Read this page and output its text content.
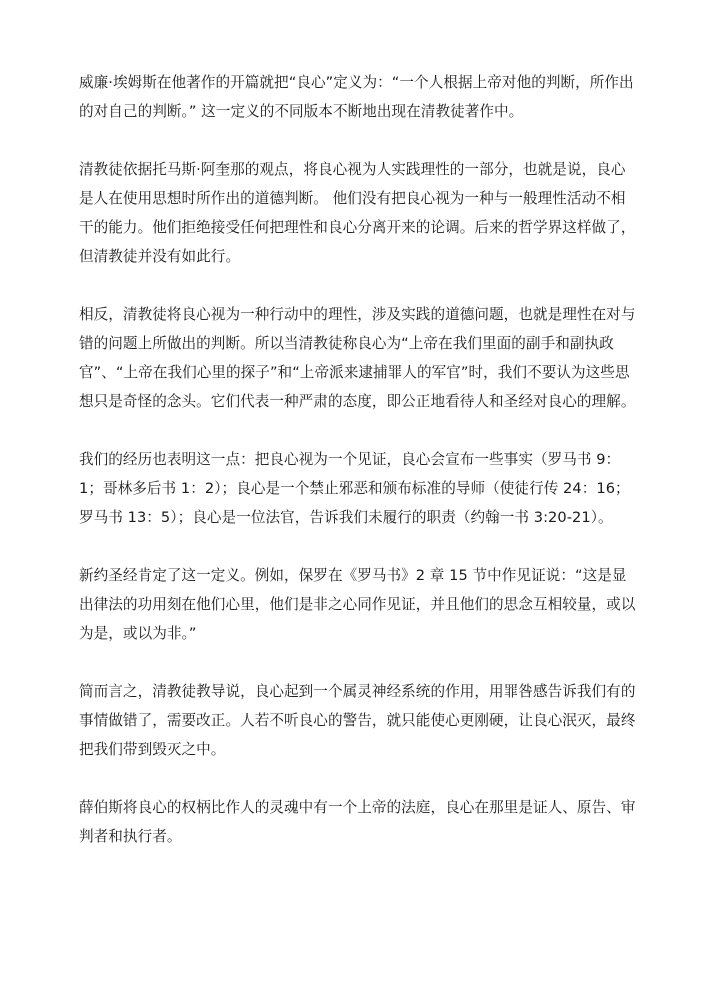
威廉·埃姆斯在他著作的开篇就把“良心”定义为：“一个人根据上帝对他的判断，所作出的对自己的判断。” 这一定义的不同版本不断地出现在清教徒著作中。

清教徒依据托马斯·阿奎那的观点，将良心视为人实践理性的一部分，也就是说，良心是人在使用思想时所作出的道德判断。 他们没有把良心视为一种与一般理性活动不相干的能力。他们拒绝接受任何把理性和良心分离开来的论调。后来的哲学界这样做了，但清教徒并没有如此行。

相反，清教徒将良心视为一种行动中的理性，涉及实践的道德问题，也就是理性在对与错的问题上所做出的判断。所以当清教徒称良心为“上帝在我们里面的副手和副执政官”、“上帝在我们心里的探子”和“上帝派来逮捕罪人的军官”时，我们不要认为这些思想只是奇怪的念头。它们代表一种严肃的态度，即公正地看待人和圣经对良心的理解。

我们的经历也表明这一点：把良心视为一个见证，良心会宣布一些事实（罗马书 9：1；哥林多后书 1：2）；良心是一个禁止邪恶和颁布标准的导师（使徒行传 24：16；罗马书 13：5）；良心是一位法官，告诉我们未履行的职责（约翰一书 3:20-21）。

新约圣经肯定了这一定义。例如，保罗在《罗马书》2 章 15 节中作见证说：“这是显出律法的功用刻在他们心里，他们是非之心同作见证，并且他们的思念互相较量，或以为是，或以为非。”

简而言之，清教徒教导说，良心起到一个属灵神经系统的作用，用罪咎感告诉我们有的事情做错了，需要改正。人若不听良心的警告，就只能使心更刚硬，让良心泯灭，最终把我们带到毁灭之中。

薛伯斯将良心的权柄比作人的灵魂中有一个上帝的法庭，良心在那里是证人、原告、审判者和执行者。
